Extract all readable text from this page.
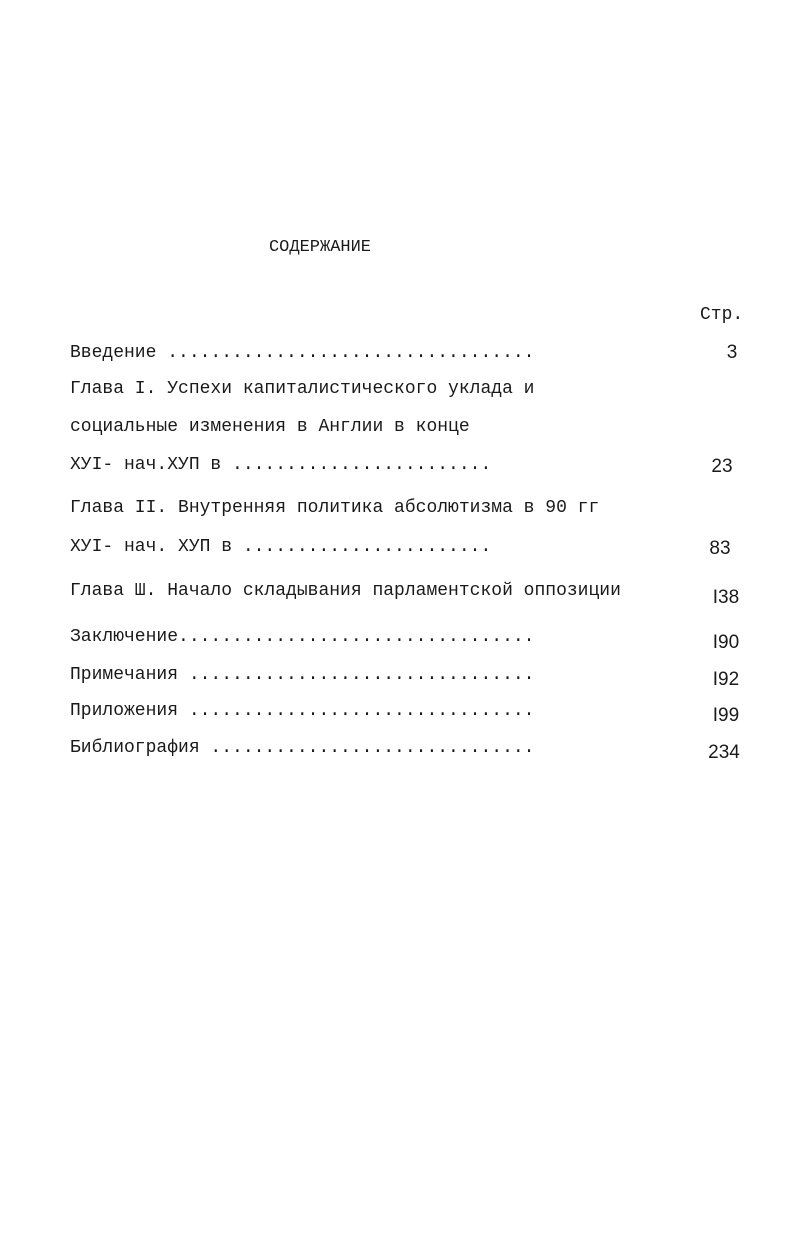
СОДЕРЖАНИЕ
Стр.
Введение ..................................	3
Глава I. Успехи капиталистического уклада и
социальные изменения в Англии в конце
ХУI- нач.ХУП в ........................	23
Глава II. Внутренняя политика абсолютизма в 90 гг
ХУI- нач. ХУП в .......................	83
Глава Ш. Начало складывания парламентской оппозиции	I38
Заключение.................................	I90
Примечания ................................	I92
Приложения ................................	I99
Библиография ..............................	234
